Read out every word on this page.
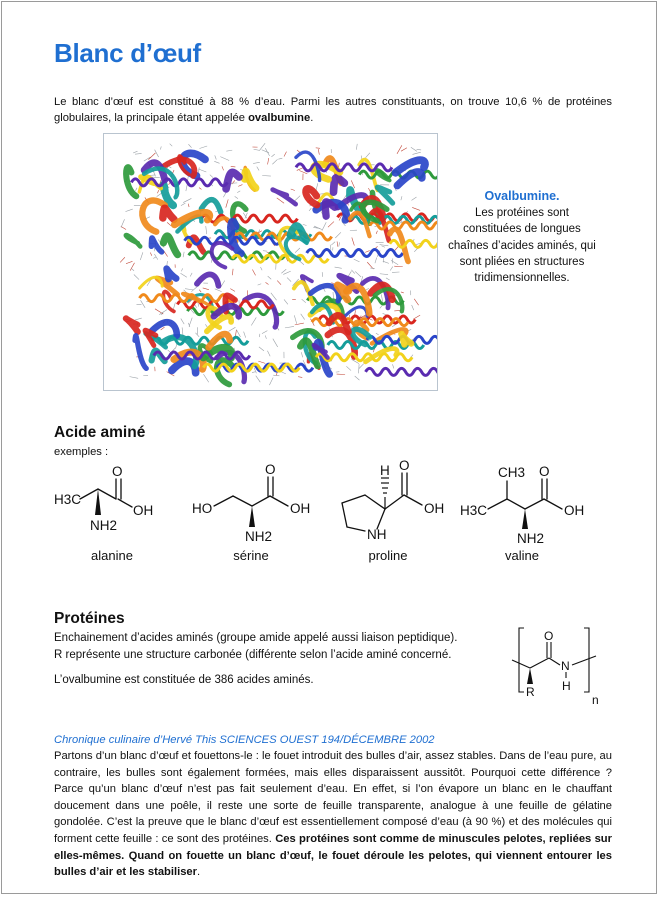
Blanc d’œuf

Le blanc d’œuf est constitué à 88 % d’eau. Parmi les autres constituants, on trouve 10,6 % de protéines globulaires, la principale étant appelée ovalbumine.

Ovalbumine.
Les protéines sont constituées de longues chaînes d’acides aminés, qui sont pliées en structures tridimensionnelles.
Acide aminé

exemples :

H3C
O
OH
NH2
HO
O
OH
NH2
H O
OH
NH
CH3
H3C
O
OH
NH2
alanine	sérine	proline	valine
Protéines

Enchainement d’acides aminés (groupe amide appelé aussi liaison peptidique).
R représente une structure carbonée (différente selon l’acide aminé concerné.

L’ovalbumine est constituée de 386 acides aminés.

O
N
H
R
n

Chronique culinaire d’Hervé This SCIENCES OUEST 194/DÉCEMBRE 2002

Partons d’un blanc d’œuf et fouettons-le : le fouet introduit des bulles d’air, assez stables. Dans de l’eau pure, au contraire, les bulles sont également formées, mais elles disparaissent aussitôt. Pourquoi cette différence ? Parce qu’un blanc d’œuf n’est pas fait seulement d’eau. En effet, si l’on évapore un blanc en le chauffant doucement dans une poêle, il reste une sorte de feuille transparente, analogue à une feuille de gélatine gondolée. C’est la preuve que le blanc d’œuf est essentiellement composé d’eau (à 90 %) et des molécules qui forment cette feuille : ce sont des protéines. Ces protéines sont comme de minuscules pelotes, repliées sur elles-mêmes. Quand on fouette un blanc d’œuf, le fouet déroule les pelotes, qui viennent entourer les bulles d’air et les stabiliser.
